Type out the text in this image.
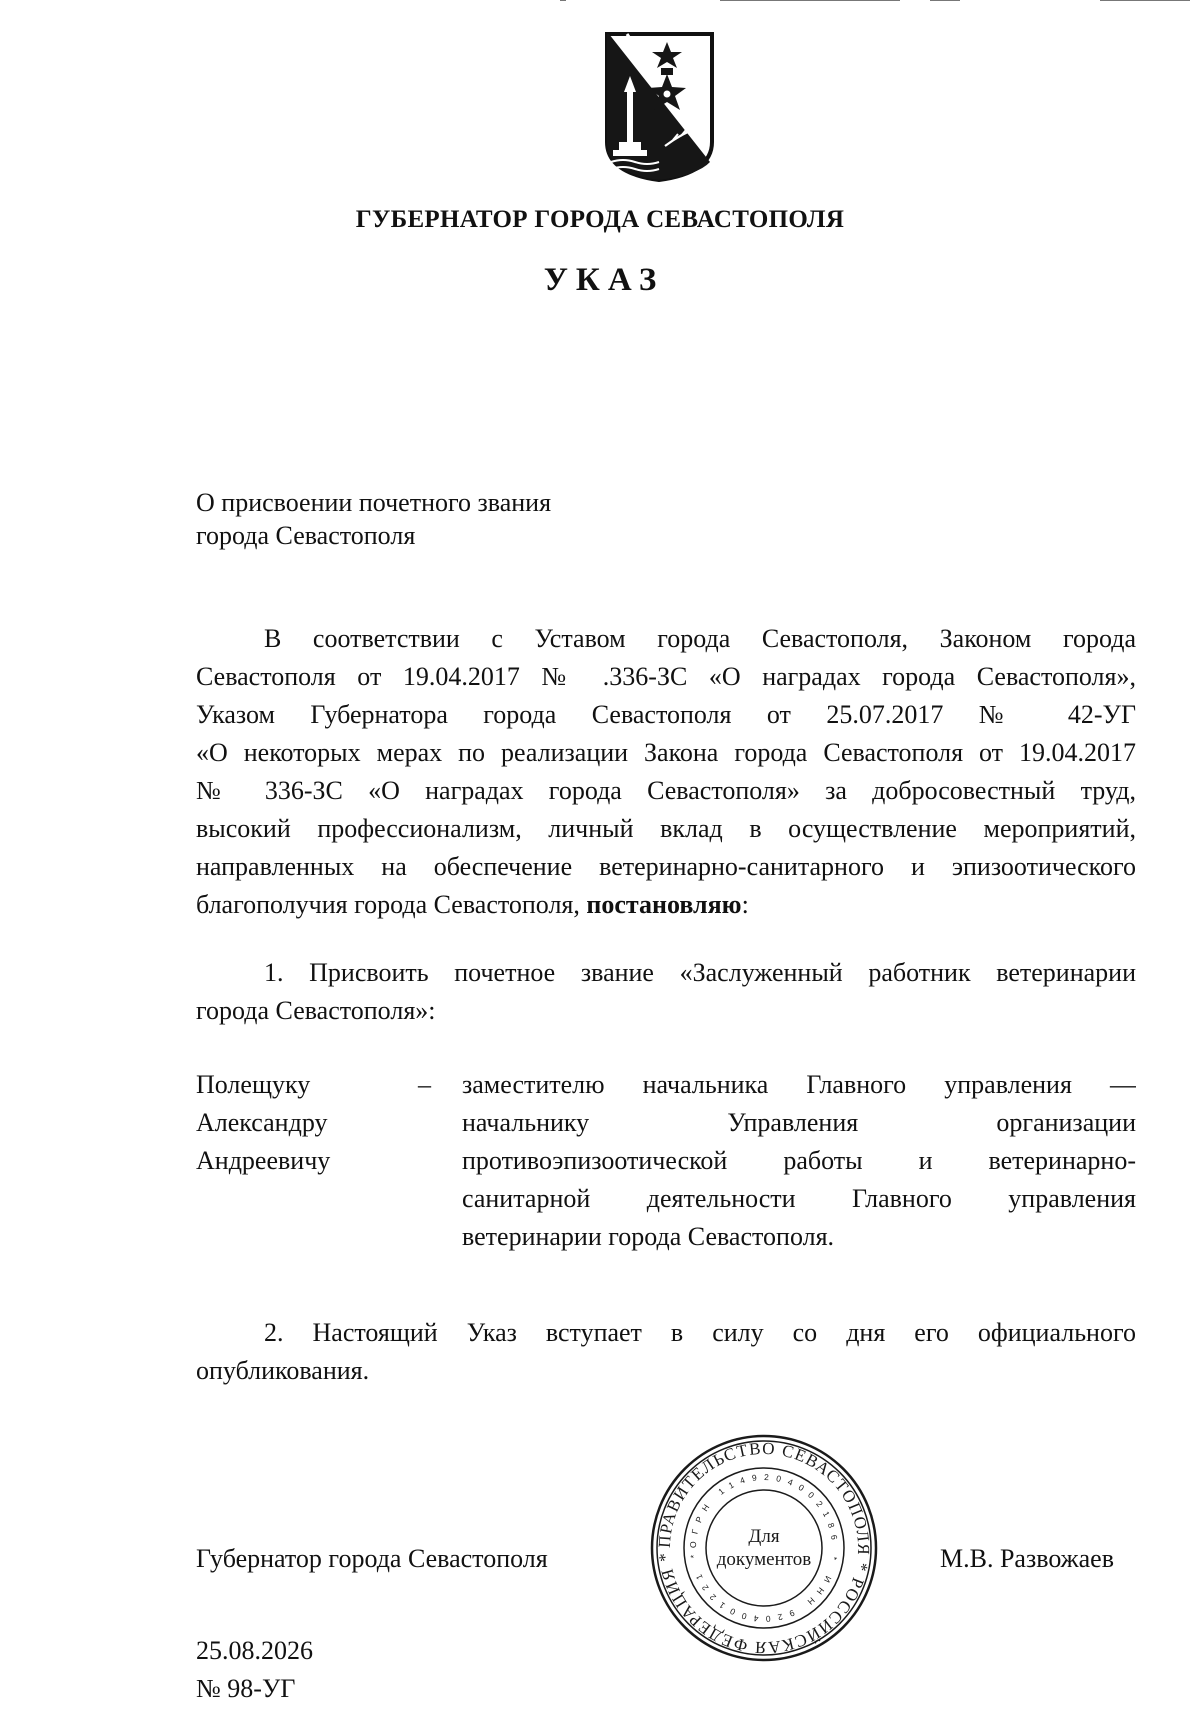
ГУБЕРНАТОР ГОРОДА СЕВАСТОПОЛЯ
УКАЗ
О присвоении почетного звания
города Севастополя
В соответствии с Уставом города Севастополя, Законом города
Севастополя от 19.04.2017 № .336-ЗС «О наградах города Севастополя»,
Указом Губернатора города Севастополя от 25.07.2017 № 42-УГ
«О некоторых мерах по реализации Закона города Севастополя от 19.04.2017
№ 336-ЗС «О наградах города Севастополя» за добросовестный труд,
высокий профессионализм, личный вклад в осуществление мероприятий,
направленных на обеспечение ветеринарно-санитарного и эпизоотического
благополучия города Севастополя, постановляю:
1. Присвоить почетное звание «Заслуженный работник ветеринарии
города Севастополя»:
Полещуку
Александру
Андреевичу
– заместителю начальника Главного управления —
начальнику Управления организации
противоэпизоотической работы и ветеринарно-
санитарной деятельности Главного управления
ветеринарии города Севастополя.
2. Настоящий Указ вступает в силу со дня его официального
опубликования.
Губернатор города Севастополя
ПРАВИТЕЛЬСТВО СЕВАСТОПОЛЯ * РОССИЙСКАЯ ФЕДЕРАЦИЯ *
ОГРН 1149204002186 * ИНН 9204001221 *
Для
документов	М.В. Развожаев
25.08.2026
№ 98-УГ
